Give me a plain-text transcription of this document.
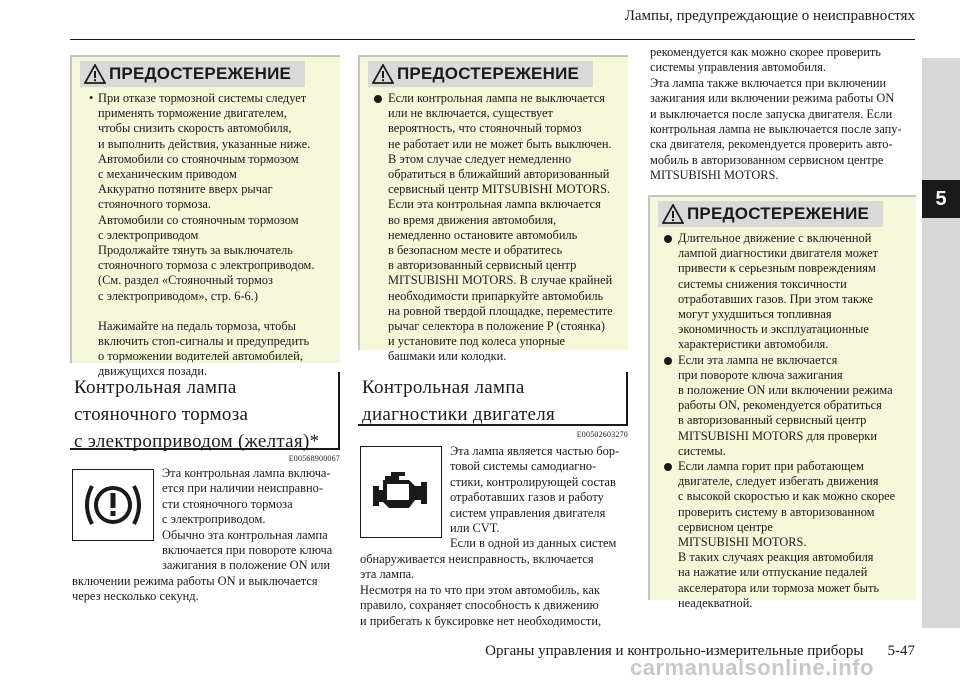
Лампы, предупреждающие о неисправностях
5
ПРЕДОСТЕРЕЖЕНИЕ
• При отказе тормозной системы следует
применять торможение двигателем,
чтобы снизить скорость автомобиля,
и выполнить действия, указанные ниже.
Автомобили со стояночным тормозом
с механическим приводом
Аккуратно потяните вверх рычаг
стояночного тормоза.
Автомобили со стояночным тормозом
с электроприводом
Продолжайте тянуть за выключатель
стояночного тормоза с электроприводом.
(См. раздел «Стояночный тормоз
с электроприводом», стр. 6-6.)
Нажимайте на педаль тормоза, чтобы
включить стоп-сигналы и предупредить
о торможении водителей автомобилей,
движущихся позади.
Контрольная лампа
стояночного тормоза
с электроприводом (желтая)*
E00568900067
Эта контрольная лампа включа-
ется при наличии неисправно-
сти стояночного тормоза
с электроприводом.
Обычно эта контрольная лампа
включается при повороте ключа
зажигания в положение ON или
включении режима работы ON и выключается
через несколько секунд.
ПРЕДОСТЕРЕЖЕНИЕ
Если контрольная лампа не выключается
или не включается, существует
вероятность, что стояночный тормоз
не работает или не может быть выключен.
В этом случае следует немедленно
обратиться в ближайший авторизованный
сервисный центр MITSUBISHI MOTORS.
Если эта контрольная лампа включается
во время движения автомобиля,
немедленно остановите автомобиль
в безопасном месте и обратитесь
в авторизованный сервисный центр
MITSUBISHI MOTORS. В случае крайней
необходимости припаркуйте автомобиль
на ровной твердой площадке, переместите
рычаг селектора в положение P (стоянка)
и установите под колеса упорные
башмаки или колодки.
Контрольная лампа
диагностики двигателя
E00502603270
Эта лампа является частью бор-
товой системы самодиагно-
стики, контролирующей состав
отработавших газов и работу
систем управления двигателя
или CVT.
Если в одной из данных систем
обнаруживается неисправность, включается
эта лампа.
Несмотря на то что при этом автомобиль, как
правило, сохраняет способность к движению
и прибегать к буксировке нет необходимости,
рекомендуется как можно скорее проверить
системы управления автомобиля.
Эта лампа также включается при включении
зажигания или включении режима работы ON
и выключается после запуска двигателя. Если
контрольная лампа не выключается после запу-
ска двигателя, рекомендуется проверить авто-
мобиль в авторизованном сервисном центре
MITSUBISHI MOTORS.
ПРЕДОСТЕРЕЖЕНИЕ
Длительное движение с включенной
лампой диагностики двигателя может
привести к серьезным повреждениям
системы снижения токсичности
отработавших газов. При этом также
могут ухудшиться топливная
экономичность и эксплуатационные
характеристики автомобиля.
Если эта лампа не включается
при повороте ключа зажигания
в положение ON или включении режима
работы ON, рекомендуется обратиться
в авторизованный сервисный центр
MITSUBISHI MOTORS для проверки
системы.
Если лампа горит при работающем
двигателе, следует избегать движения
с высокой скоростью и как можно скорее
проверить систему в авторизованном
сервисном центре
MITSUBISHI MOTORS.
В таких случаях реакция автомобиля
на нажатие или отпускание педалей
акселератора или тормоза может быть
неадекватной.
Органы управления и контрольно-измерительные приборы 5-47
carmanualsonline.info
